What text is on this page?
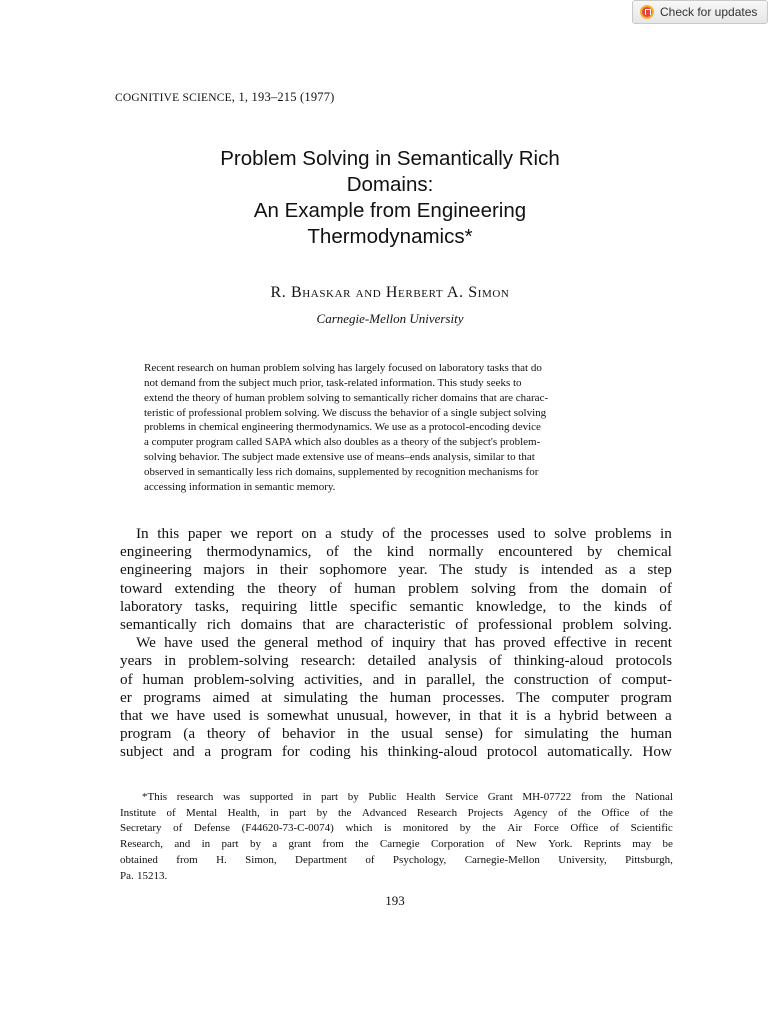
Check for updates
COGNITIVE SCIENCE, 1, 193–215 (1977)
Problem Solving in Semantically Rich
Domains:
An Example from Engineering
Thermodynamics*
R. Bhaskar and Herbert A. Simon
Carnegie-Mellon University
Recent research on human problem solving has largely focused on laboratory tasks that do
not demand from the subject much prior, task-related information. This study seeks to
extend the theory of human problem solving to semantically richer domains that are charac-
teristic of professional problem solving. We discuss the behavior of a single subject solving
problems in chemical engineering thermodynamics. We use as a protocol-encoding device
a computer program called SAPA which also doubles as a theory of the subject's problem-
solving behavior. The subject made extensive use of means–ends analysis, similar to that
observed in semantically less rich domains, supplemented by recognition mechanisms for
accessing information in semantic memory.
In this paper we report on a study of the processes used to solve problems in
engineering thermodynamics, of the kind normally encountered by chemical
engineering majors in their sophomore year. The study is intended as a step
toward extending the theory of human problem solving from the domain of
laboratory tasks, requiring little specific semantic knowledge, to the kinds of
semantically rich domains that are characteristic of professional problem solving.
We have used the general method of inquiry that has proved effective in recent
years in problem-solving research: detailed analysis of thinking-aloud protocols
of human problem-solving activities, and in parallel, the construction of comput-
er programs aimed at simulating the human processes. The computer program
that we have used is somewhat unusual, however, in that it is a hybrid between a
program (a theory of behavior in the usual sense) for simulating the human
subject and a program for coding his thinking-aloud protocol automatically. How
*This research was supported in part by Public Health Service Grant MH-07722 from the National
Institute of Mental Health, in part by the Advanced Research Projects Agency of the Office of the
Secretary of Defense (F44620-73-C-0074) which is monitored by the Air Force Office of Scientific
Research, and in part by a grant from the Carnegie Corporation of New York. Reprints may be
obtained from H. Simon, Department of Psychology, Carnegie-Mellon University, Pittsburgh,
Pa. 15213.
193
